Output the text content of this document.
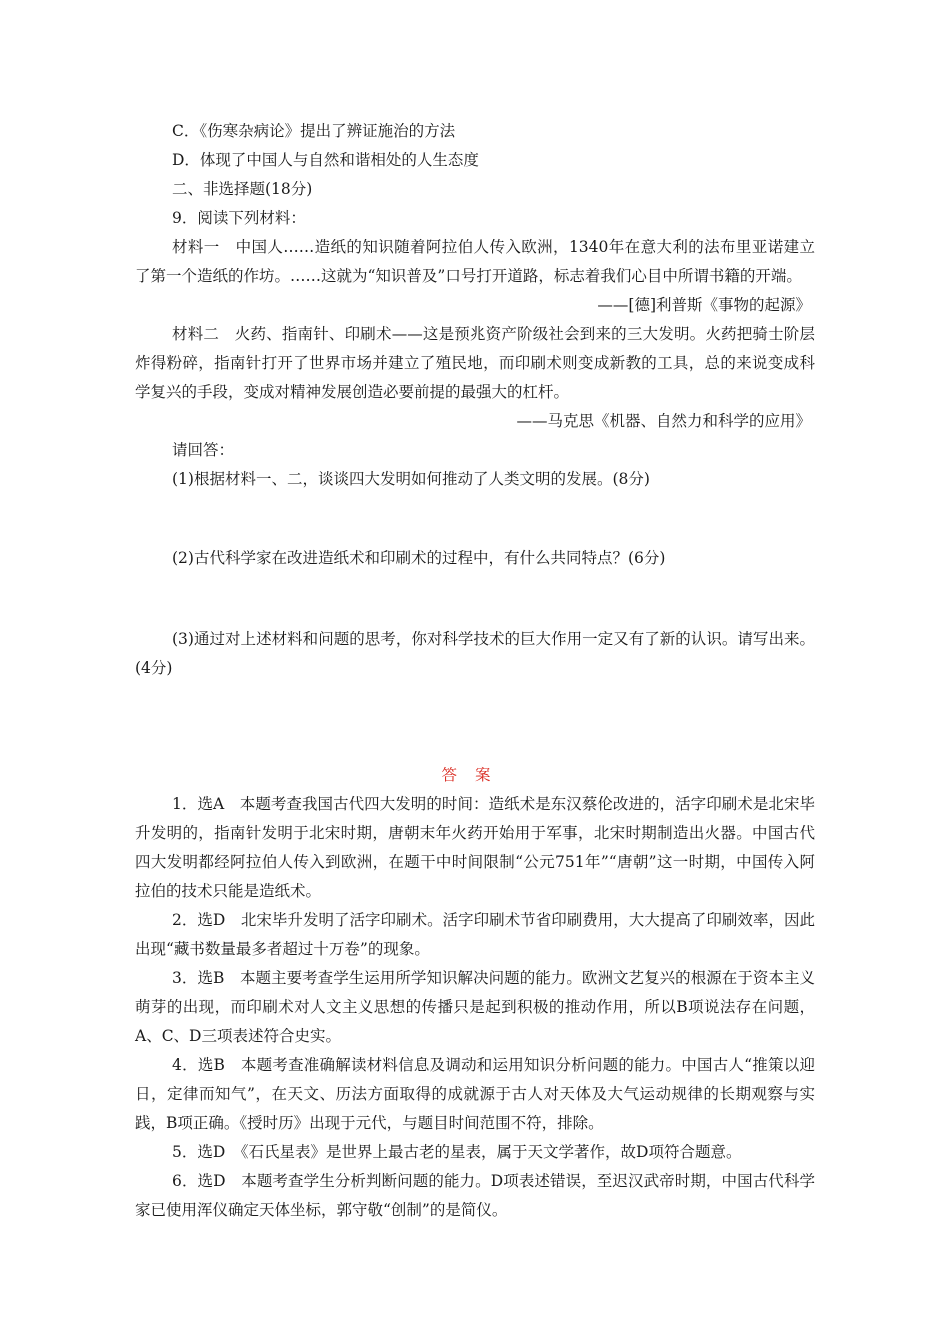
C．《伤寒杂病论》提出了辨证施治的方法
D．体现了中国人与自然和谐相处的人生态度
二、非选择题(18分)
9．阅读下列材料：
材料一　中国人……造纸的知识随着阿拉伯人传入欧洲，1340年在意大利的法布里亚诺建立了第一个造纸的作坊。……这就为“知识普及”口号打开道路，标志着我们心目中所谓书籍的开端。
——[德]利普斯《事物的起源》
材料二　火药、指南针、印刷术——这是预兆资产阶级社会到来的三大发明。火药把骑士阶层炸得粉碎，指南针打开了世界市场并建立了殖民地，而印刷术则变成新教的工具，总的来说变成科学复兴的手段，变成对精神发展创造必要前提的最强大的杠杆。
——马克思《机器、自然力和科学的应用》
请回答：
(1)根据材料一、二，谈谈四大发明如何推动了人类文明的发展。(8分)
(2)古代科学家在改进造纸术和印刷术的过程中，有什么共同特点？(6分)
(3)通过对上述材料和问题的思考，你对科学技术的巨大作用一定又有了新的认识。请写出来。(4分)
答案
1．选A　本题考查我国古代四大发明的时间：造纸术是东汉蔡伦改进的，活字印刷术是北宋毕升发明的，指南针发明于北宋时期，唐朝末年火药开始用于军事，北宋时期制造出火器。中国古代四大发明都经阿拉伯人传入到欧洲，在题干中时间限制“公元751年”“唐朝”这一时期，中国传入阿拉伯的技术只能是造纸术。
2．选D　北宋毕升发明了活字印刷术。活字印刷术节省印刷费用，大大提高了印刷效率，因此出现“藏书数量最多者超过十万卷”的现象。
3．选B　本题主要考查学生运用所学知识解决问题的能力。欧洲文艺复兴的根源在于资本主义萌芽的出现，而印刷术对人文主义思想的传播只是起到积极的推动作用，所以B项说法存在问题，A、C、D三项表述符合史实。
4．选B　本题考查准确解读材料信息及调动和运用知识分析问题的能力。中国古人“推策以迎日，定律而知气”，在天文、历法方面取得的成就源于古人对天体及大气运动规律的长期观察与实践，B项正确。《授时历》出现于元代，与题目时间范围不符，排除。
5．选D　《石氏星表》是世界上最古老的星表，属于天文学著作，故D项符合题意。
6．选D　本题考查学生分析判断问题的能力。D项表述错误，至迟汉武帝时期，中国古代科学家已使用浑仪确定天体坐标，郭守敬“创制”的是简仪。
